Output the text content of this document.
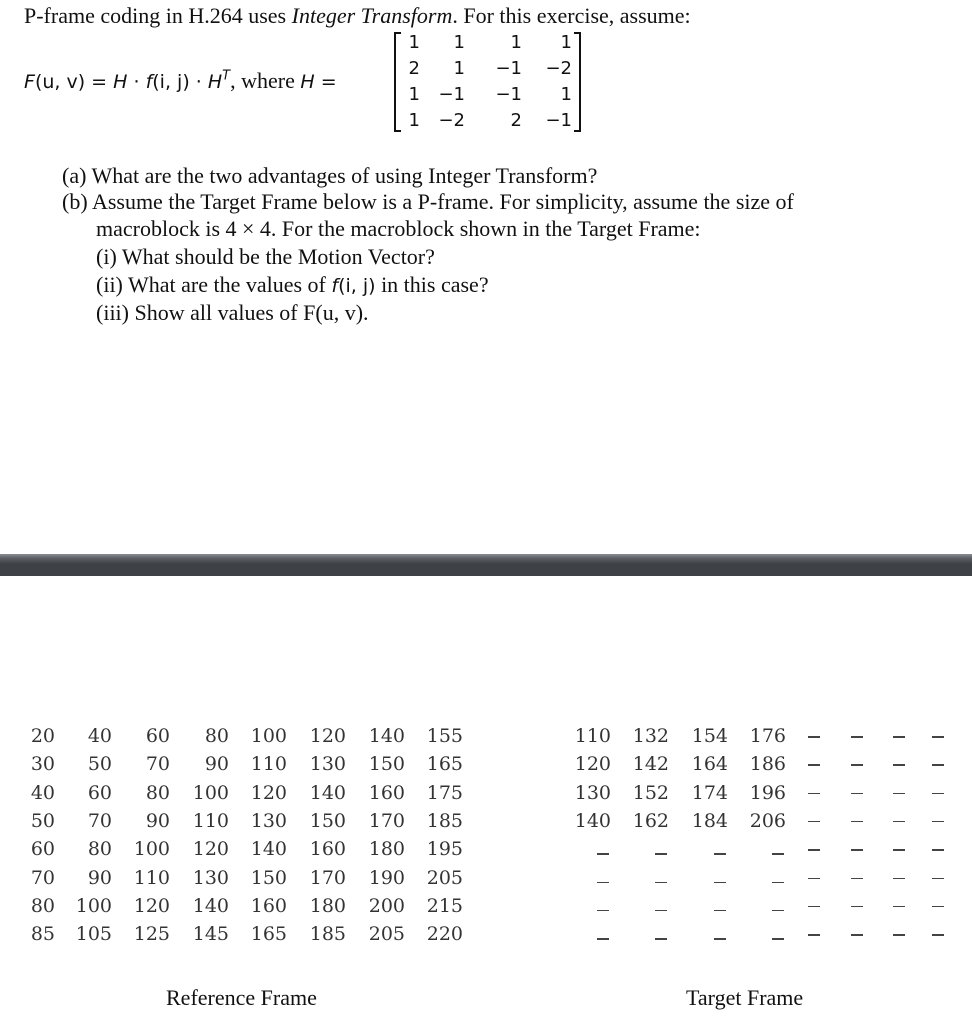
P-frame coding in H.264 uses Integer Transform. For this exercise, assume:
F(u, v) = H · f(i, $j) \cdot H^T$, where H =
1	1	1	1
2	1	−1	−2
1	−1	−1	1
1	−2	2	−1
(a) What are the two advantages of using Integer Transform?
(b) Assume the Target Frame below is a P-frame. For simplicity, assume the size of
macroblock is 4 × 4. For the macroblock shown in the Target Frame:
(i) What should be the Motion Vector?
(ii) What are the values of f(i, j) in this case?
(iii) Show all values of F(u, v).
20	40	60	80	100	120	140	155
30	50	70	90	110	130	150	165
40	60	80	100	120	140	160	175
50	70	90	110	130	150	170	185
60	80	100	120	140	160	180	195
70	90	110	130	150	170	190	205
80	100	120	140	160	180	200	215
85	105	125	145	165	185	205	220
110	132	154	176
120	142	164	186
130	152	174	196
140	162	184	206
Reference Frame	Target Frame
